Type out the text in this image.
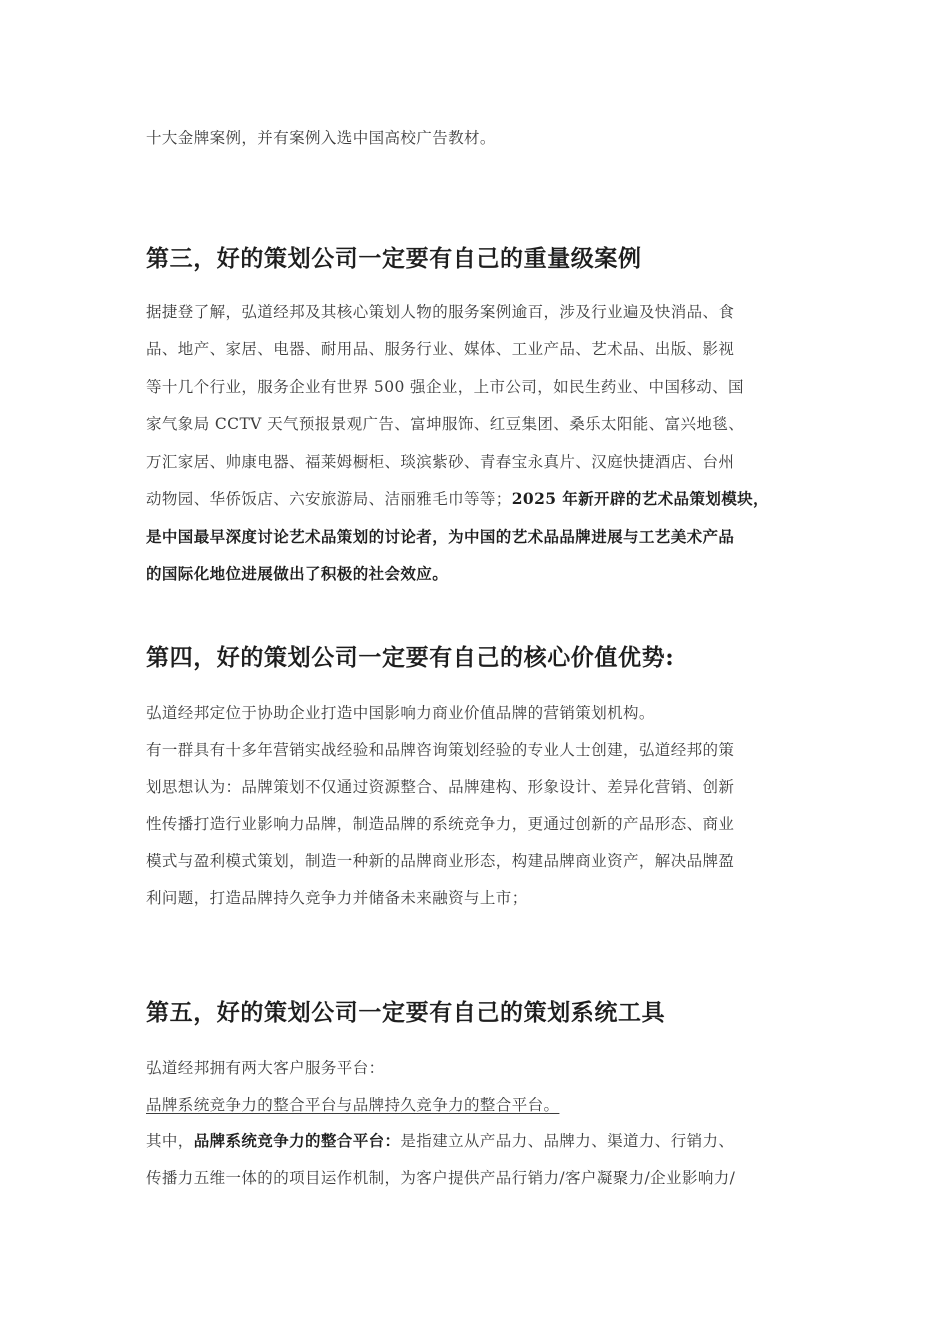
十大金牌案例，并有案例入选中国高校广告教材。
第三，好的策划公司一定要有自己的重量级案例
据捷登了解，弘道经邦及其核心策划人物的服务案例逾百，涉及行业遍及快消品、食
品、地产、家居、电器、耐用品、服务行业、媒体、工业产品、艺术品、出版、影视
等十几个行业，服务企业有世界 500 强企业，上市公司，如民生药业、中国移动、国
家气象局 CCTV 天气预报景观广告、富坤服饰、红豆集团、桑乐太阳能、富兴地毯、
万汇家居、帅康电器、福莱姆橱柜、琰滨紫砂、青春宝永真片、汉庭快捷酒店、台州
动物园、华侨饭店、六安旅游局、洁丽雅毛巾等等；2025 年新开辟的艺术品策划模块，
是中国最早深度讨论艺术品策划的讨论者，为中国的艺术品品牌进展与工艺美术产品
的国际化地位进展做出了积极的社会效应。
第四，好的策划公司一定要有自己的核心价值优势:
弘道经邦定位于协助企业打造中国影响力商业价值品牌的营销策划机构。
有一群具有十多年营销实战经验和品牌咨询策划经验的专业人士创建，弘道经邦的策
划思想认为：品牌策划不仅通过资源整合、品牌建构、形象设计、差异化营销、创新
性传播打造行业影响力品牌，制造品牌的系统竞争力，更通过创新的产品形态、商业
模式与盈利模式策划，制造一种新的品牌商业形态，构建品牌商业资产，解决品牌盈
利问题，打造品牌持久竞争力并储备未来融资与上市；
第五，好的策划公司一定要有自己的策划系统工具
弘道经邦拥有两大客户服务平台：
品牌系统竞争力的整合平台与品牌持久竞争力的整合平台。
其中，品牌系统竞争力的整合平台：是指建立从产品力、品牌力、渠道力、行销力、
传播力五维一体的的项目运作机制，为客户提供产品行销力/客户凝聚力/企业影响力/
